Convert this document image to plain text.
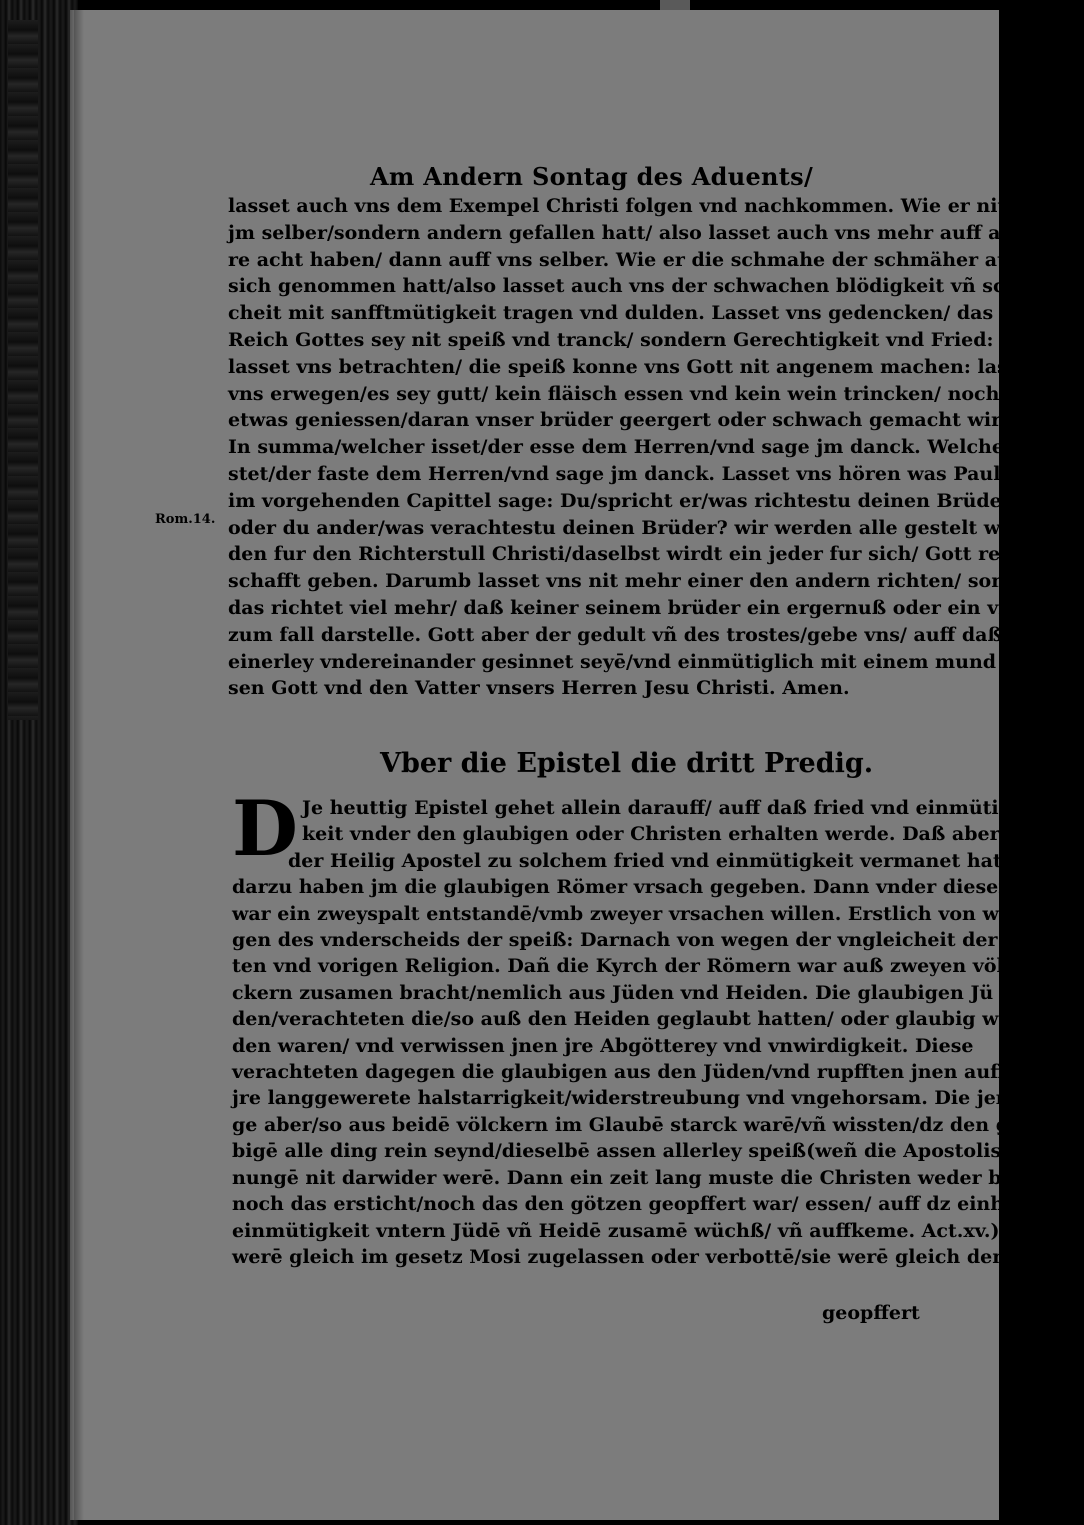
Am Andern Sontag des Aduents/
lasset auch vns dem Exempel Christi folgen vnd nachkommen. Wie er nit
jm selber/sondern andern gefallen hatt/ also lasset auch vns mehr auff ande
re acht haben/ dann auff vns selber. Wie er die schmahe der schmäher auff
sich genommen hatt/also lasset auch vns der schwachen blödigkeit vñ schwa
cheit mit sanfftmütigkeit tragen vnd dulden. Lasset vns gedencken/ das
Reich Gottes sey nit speiß vnd tranck/ sondern Gerechtigkeit vnd Fried:
lasset vns betrachten/ die speiß konne vns Gott nit angenem machen: lasset
vns erwegen/es sey gutt/ kein fläisch essen vnd kein wein trincken/ noch sonst
etwas geniessen/daran vnser brüder geergert oder schwach gemacht wirdt.
In summa/welcher isset/der esse dem Herren/vnd sage jm danck. Welcher fa
stet/der faste dem Herren/vnd sage jm danck. Lasset vns hören was Paulus
im vorgehenden Capittel sage: Du/spricht er/was richtestu deinen Brüder?
oder du ander/was verachtestu deinen Brüder? wir werden alle gestelt wer
den fur den Richterstull Christi/daselbst wirdt ein jeder fur sich/ Gott rechen
schafft geben. Darumb lasset vns nit mehr einer den andern richten/ sondern
das richtet viel mehr/ daß keiner seinem brüder ein ergernuß oder ein vrsach
zum fall darstelle. Gott aber der gedult vñ des trostes/gebe vns/ auff daß wir
einerley vndereinander gesinnet seyē/vnd einmütiglich mit einem mund prei
sen Gott vnd den Vatter vnsers Herren Jesu Christi. Amen.
Rom.14.
Vber die Epistel die dritt Predig.
D Je heuttig Epistel gehet allein darauff/ auff daß fried vnd einmütig
keit vnder den glaubigen oder Christen erhalten werde. Daß aber
der Heilig Apostel zu solchem fried vnd einmütigkeit vermanet hatt/
darzu haben jm die glaubigen Römer vrsach gegeben. Dann vnder diesen
war ein zweyspalt entstandē/vmb zweyer vrsachen willen. Erstlich von we
gen des vnderscheids der speiß: Darnach von wegen der vngleicheit der al
ten vnd vorigen Religion. Dañ die Kyrch der Römern war auß zweyen völ
ckern zusamen bracht/nemlich aus Jüden vnd Heiden. Die glaubigen Jü
den/verachteten die/so auß den Heiden geglaubt hatten/ oder glaubig wor
den waren/ vnd verwissen jnen jre Abgötterey vnd vnwirdigkeit. Diese
verachteten dagegen die glaubigen aus den Jüden/vnd rupfften jnen auff
jre langgewerete halstarrigkeit/widerstreubung vnd vngehorsam. Die jeni
ge aber/so aus beidē völckern im Glaubē starck warē/vñ wissten/dz den glau
bigē alle ding rein seynd/dieselbē assen allerley speiß(weñ die Apostolische ord
nungē nit darwider werē. Dann ein zeit lang muste die Christen weder blut/
noch das ersticht/noch das den götzen geopffert war/ essen/ auff dz einheit vñ
einmütigkeit vntern Jüdē vñ Heidē zusamē wüchß/ vñ auffkeme. Act.xv.)sie
werē gleich im gesetz Mosi zugelassen oder verbottē/sie werē gleich den götzen
geopffert
